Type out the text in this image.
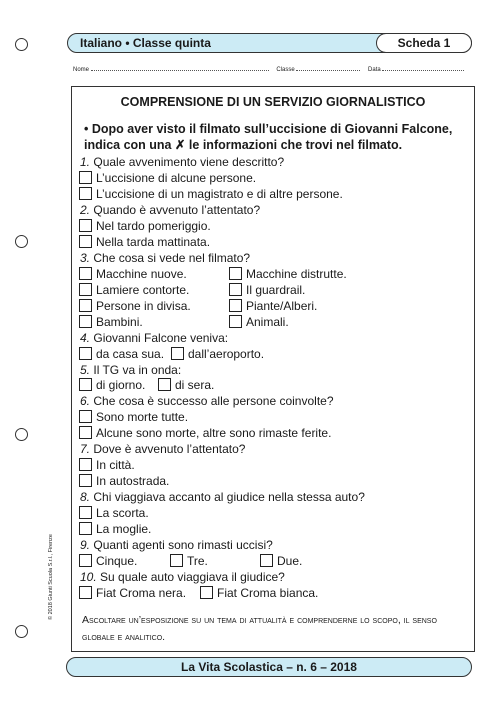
Italiano • Classe quinta	Scheda 1
Nome	Classe	Data
COMPRENSIONE DI UN SERVIZIO GIORNALISTICO
• Dopo aver visto il filmato sull’uccisione di Giovanni Falcone, indica con una ✗ le informazioni che trovi nel filmato.
1. Quale avvenimento viene descritto?
L’uccisione di alcune persone.
L’uccisione di un magistrato e di altre persone.
2. Quando è avvenuto l’attentato?
Nel tardo pomeriggio.
Nella tarda mattinata.
3. Che cosa si vede nel filmato?
Macchine nuove.	Macchine distrutte.
Lamiere contorte.	Il guardrail.
Persone in divisa.	Piante/Alberi.
Bambini.	Animali.
4. Giovanni Falcone veniva:
da casa sua. dall’aeroporto.
5. Il TG va in onda:
di giorno. di sera.
6. Che cosa è successo alle persone coinvolte?
Sono morte tutte.
Alcune sono morte, altre sono rimaste ferite.
7. Dove è avvenuto l’attentato?
In città.
In autostrada.
8. Chi viaggiava accanto al giudice nella stessa auto?
La scorta.
La moglie.
9. Quanti agenti sono rimasti uccisi?
Cinque.	Tre.	Due.
10. Su quale auto viaggiava il giudice?
Fiat Croma nera.	Fiat Croma bianca.
Ascoltare un’esposizione su un tema di attualità e comprenderne lo scopo, il senso globale e analitico.
© 2018 Giunti Scuola S.r.l., Firenze
La Vita Scolastica – n. 6 – 2018
